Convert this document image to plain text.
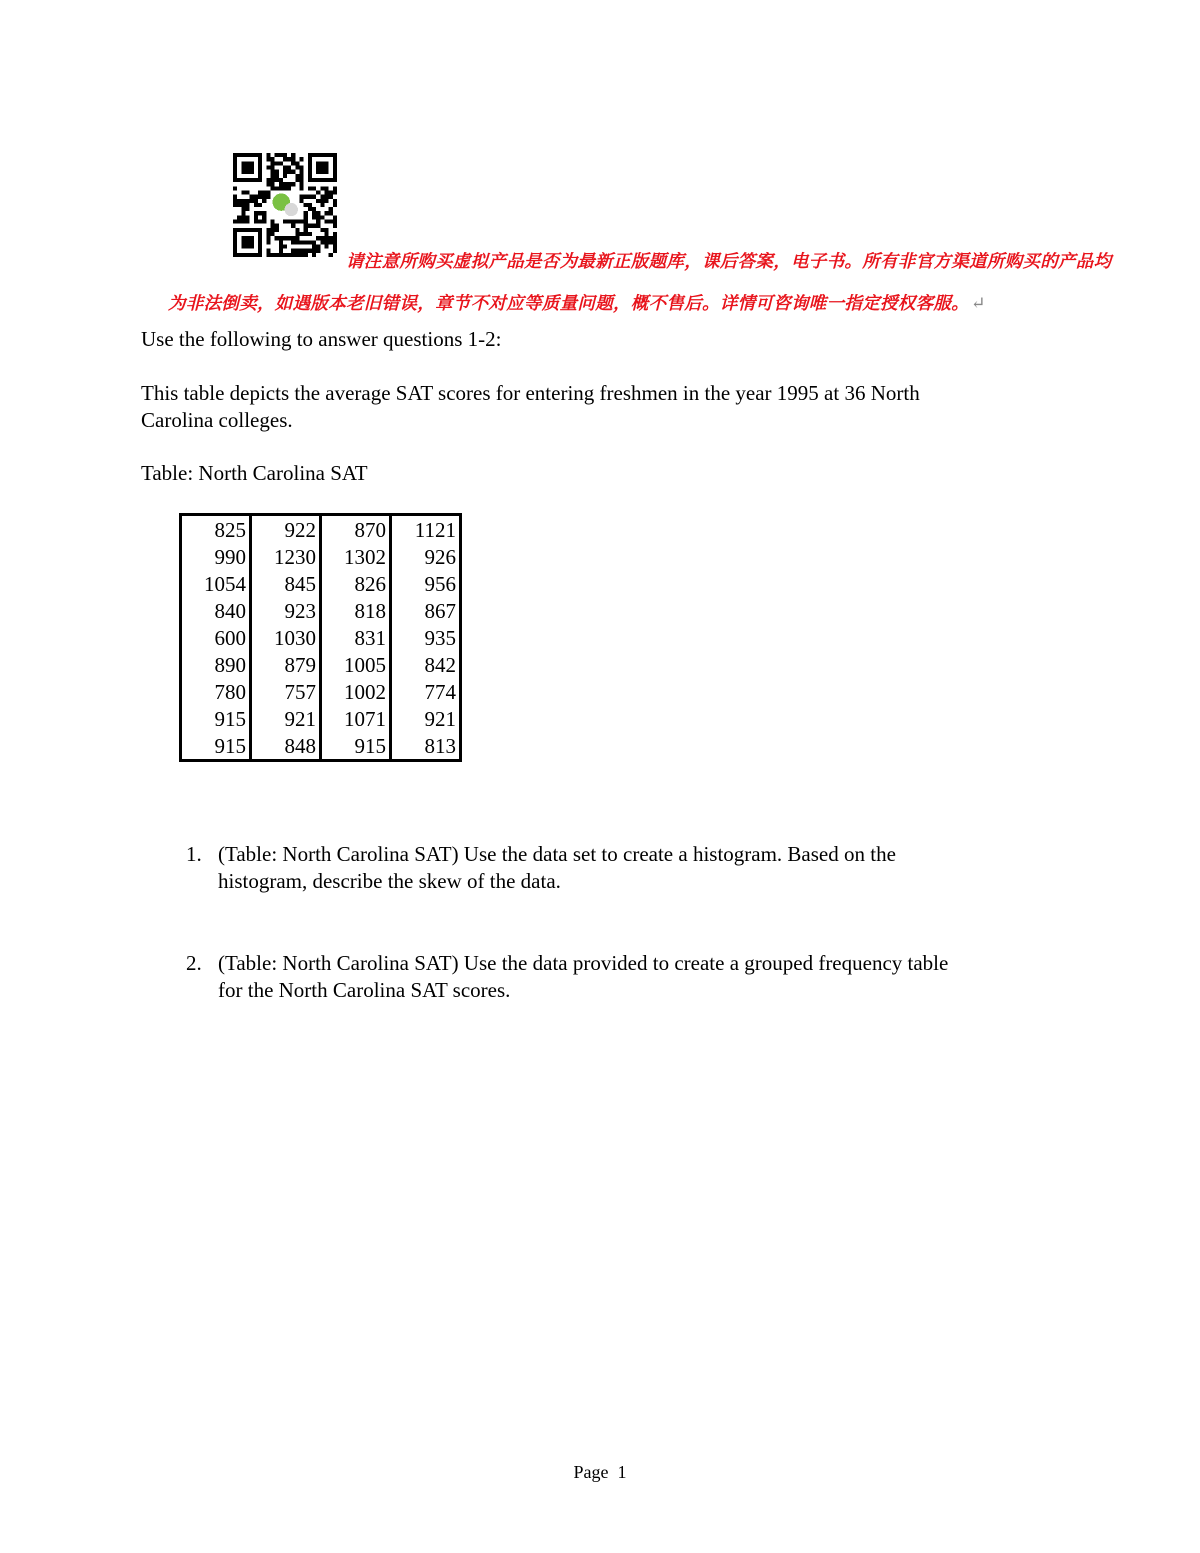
请注意所购买虚拟产品是否为最新正版题库，课后答案，电子书。所有非官方渠道所购买的产品均
为非法倒卖，如遇版本老旧错误，章节不对应等质量问题，概不售后。详情可咨询唯一指定授权客服。 ↵
Use the following to answer questions 1-2:
This table depicts the average SAT scores for entering freshmen in the year 1995 at 36 North
Carolina colleges.
Table: North Carolina SAT
825	922	870	1121
990	1230	1302	926
1054	845	826	956
840	923	818	867
600	1030	831	935
890	879	1005	842
780	757	1002	774
915	921	1071	921
915	848	915	813
1. (Table: North Carolina SAT) Use the data set to create a histogram. Based on the
histogram, describe the skew of the data.
2. (Table: North Carolina SAT) Use the data provided to create a grouped frequency table
for the North Carolina SAT scores.
Page 1
